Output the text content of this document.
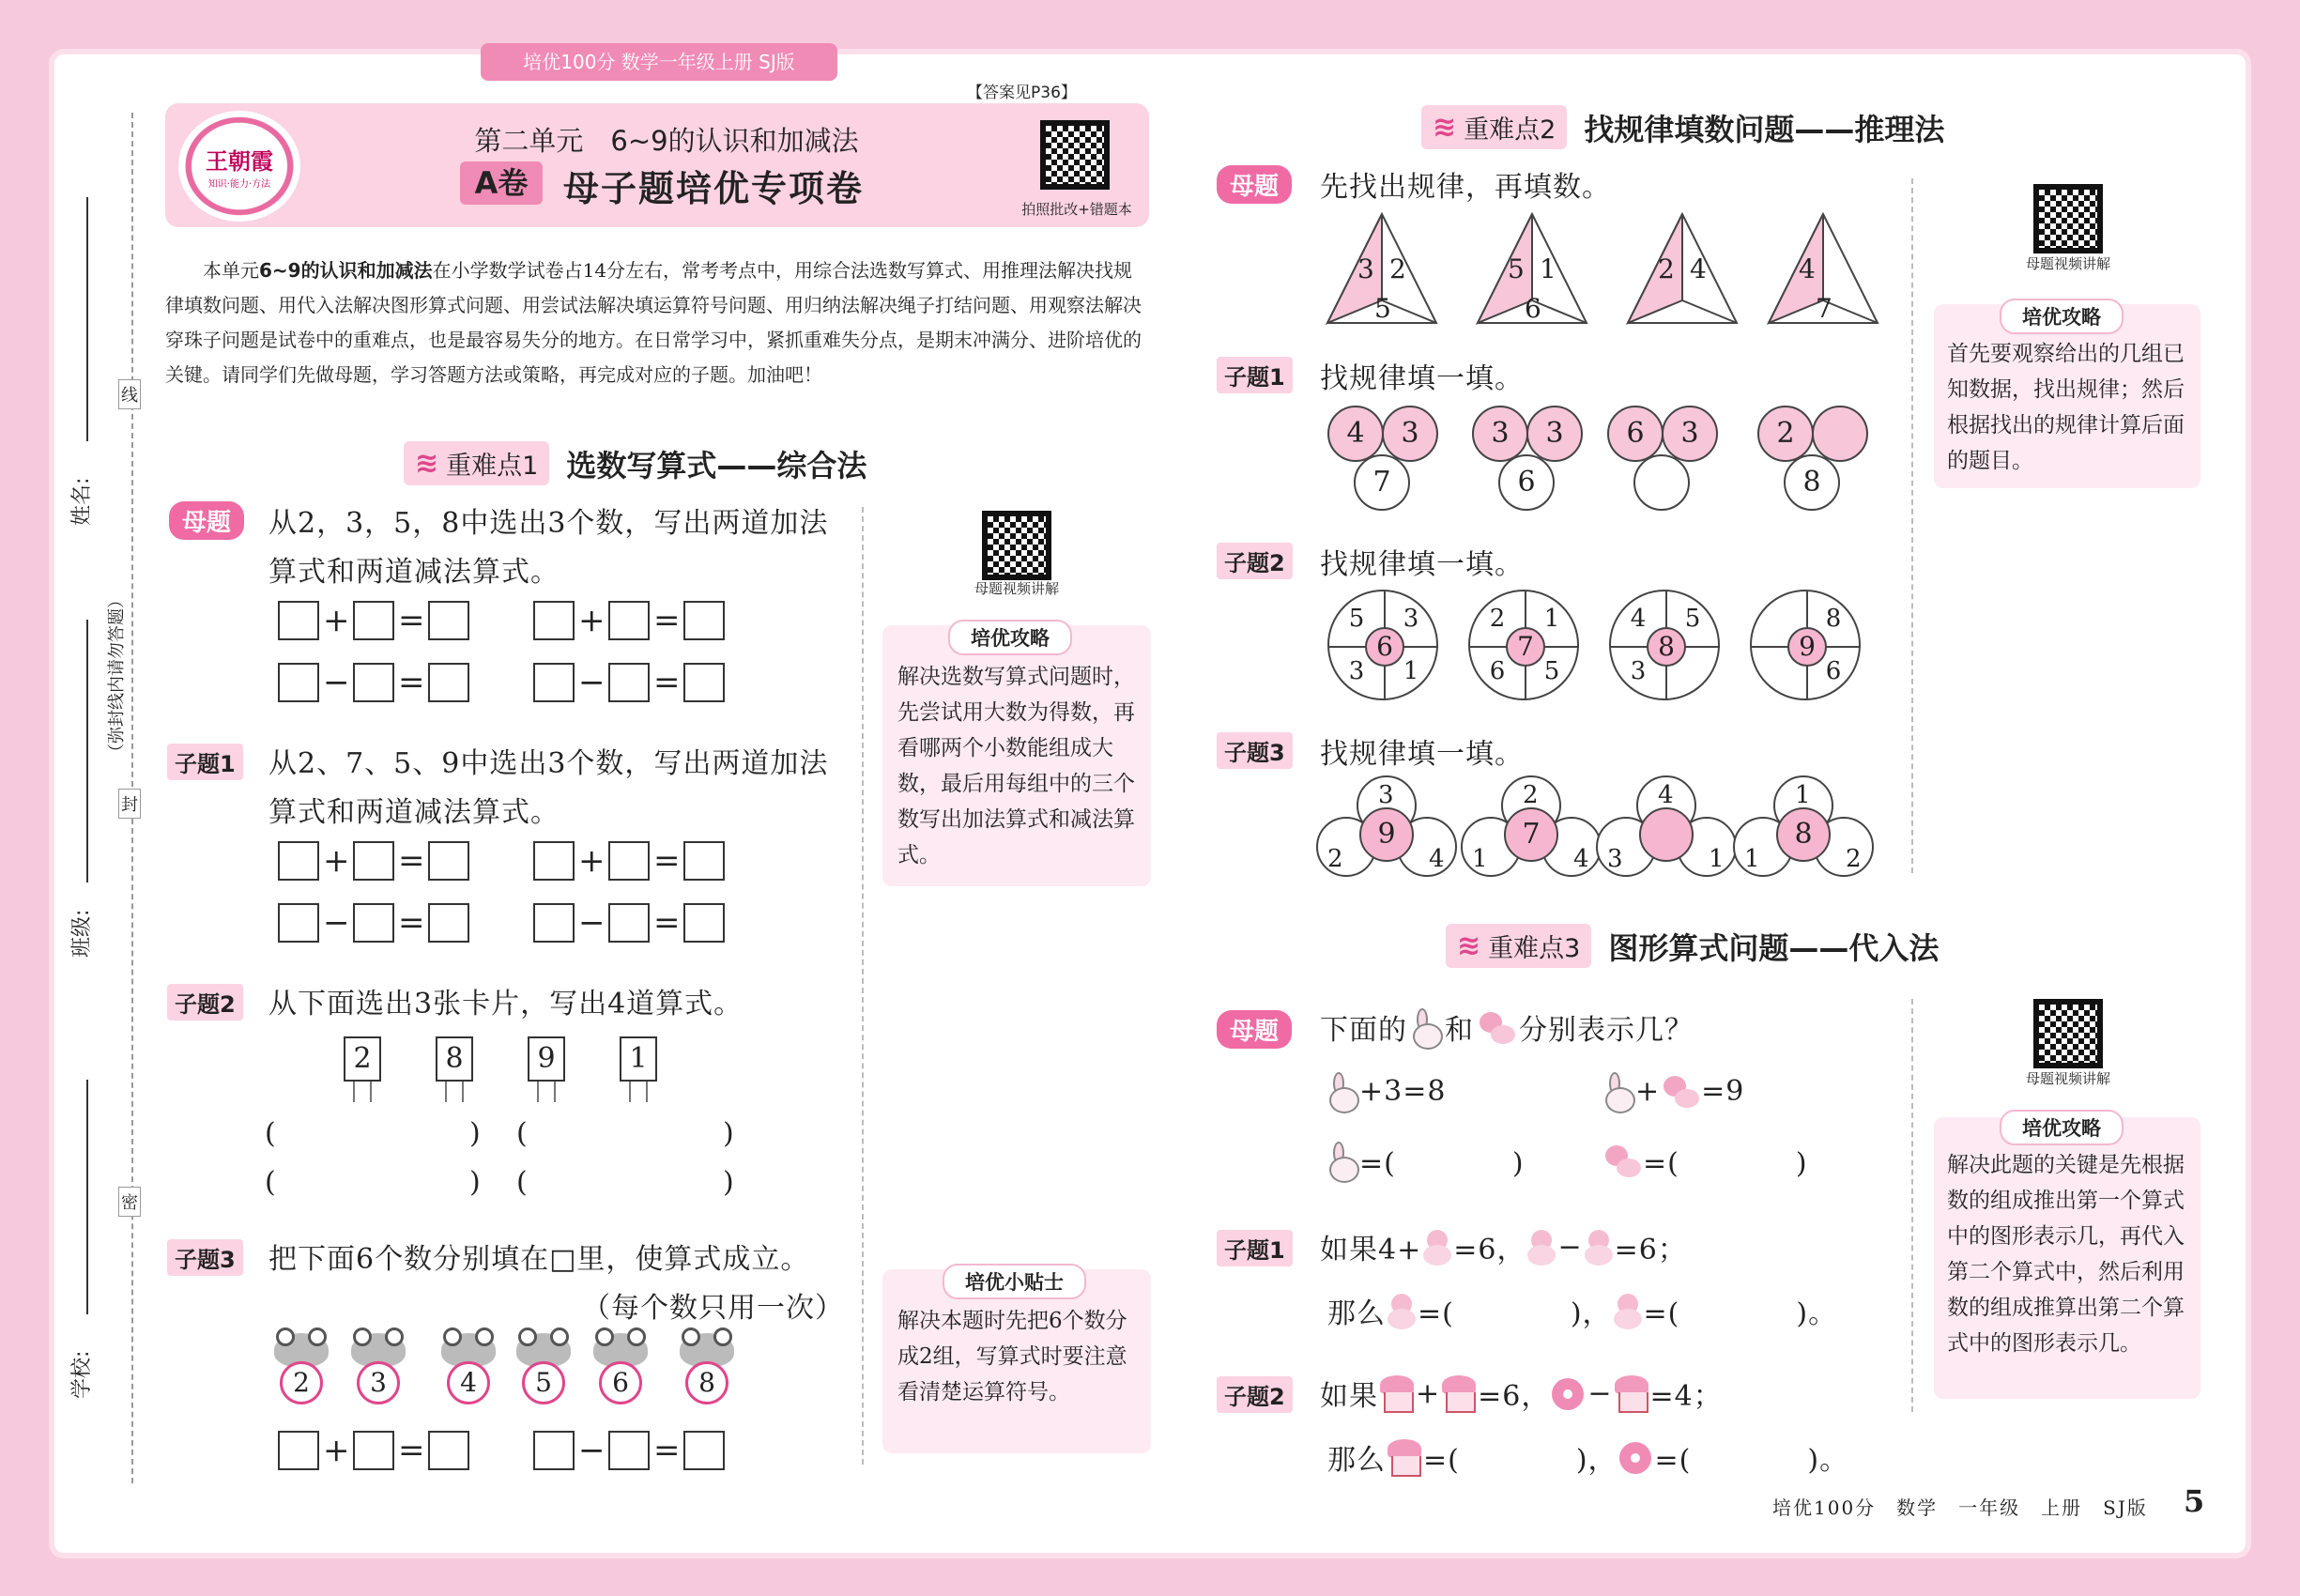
培优100分 数学一年级上册 SJ版
【答案见P36】
王朝霞
知识·能力·方法
第二单元　6~9的认识和加减法
A卷 母子题培优专项卷	拍照批改+错题本
姓名:
班级:
学校:
线
封
密
（弥封线内请勿答题）
本单元6~9的认识和加减法在小学数学试卷占14分左右，常考考点中，用综合法选数写算式、用推理法解决找规律填数问题、用代入法解决图形算式问题、用尝试法解决填运算符号问题、用归纳法解决绳子打结问题、用观察法解决穿珠子问题是试卷中的重难点，也是最容易失分的地方。在日常学习中，紧抓重难失分点，是期末冲满分、进阶培优的关键。请同学们先做母题，学习答题方法或策略，再完成对应的子题。加油吧！
≋ 重难点1 选数写算式——综合法
母题	从2，3，5，8中选出3个数，写出两道加法
算式和两道减法算式。
+ =	+ =
− =	− =
子题1 从2、7、5、9中选出3个数，写出两道加法
算式和两道减法算式。
+ =	+ =
− =	− =
子题2 从下面选出3张卡片，写出4道算式。
2	8	9	1
(	) (	)
(	) (	)
子题3 把下面6个数分别填在□里，使算式成立。
（每个数只用一次）
2	3	4	5	6	8
+ =	− =
母题视频讲解
培优攻略
解决选数写算式问题时，先尝试用大数为得数，再看哪两个小数能组成大数，最后用每组中的三个数写出加法算式和减法算式。
培优小贴士
解决本题时先把6个数分成2组，写算式时要注意看清楚运算符号。
≋ 重难点2 找规律填数问题——推理法
母题	先找出规律，再填数。
3 2
5
5 1
6
2 4	4
7
子题1 找规律填一填。
4	3
7
3	3
6
6	3	2
8
子题2 找规律填一填。
6
5 3
3 1
7
2 1
6 5
8
4 5
3
9
8
6
子题3 找规律填一填。
9
3
2	4
7
2
1	4
4
3	1
8
1
1	2
母题视频讲解
培优攻略
首先要观察给出的几组已知数据，找出规律；然后根据找出的规律计算后面的题目。
≋ 重难点3 图形算式问题——代入法
母题	下面的 和 分别表示几？
+3=8	+ =9
=(　　　　)	=(　　　　)
子题1 如果4+ =6， − =6；
那么 =(　　　　)， =(　　　　)。
子题2 如果 + =6， − =4；
那么 =(　　　　)， =(　　　　)。
母题视频讲解
培优攻略
解决此题的关键是先根据数的组成推出第一个算式中的图形表示几，再代入第二个算式中，然后利用数的组成推算出第二个算式中的图形表示几。
培优100分　数学　一年级　上册　SJ版 5
